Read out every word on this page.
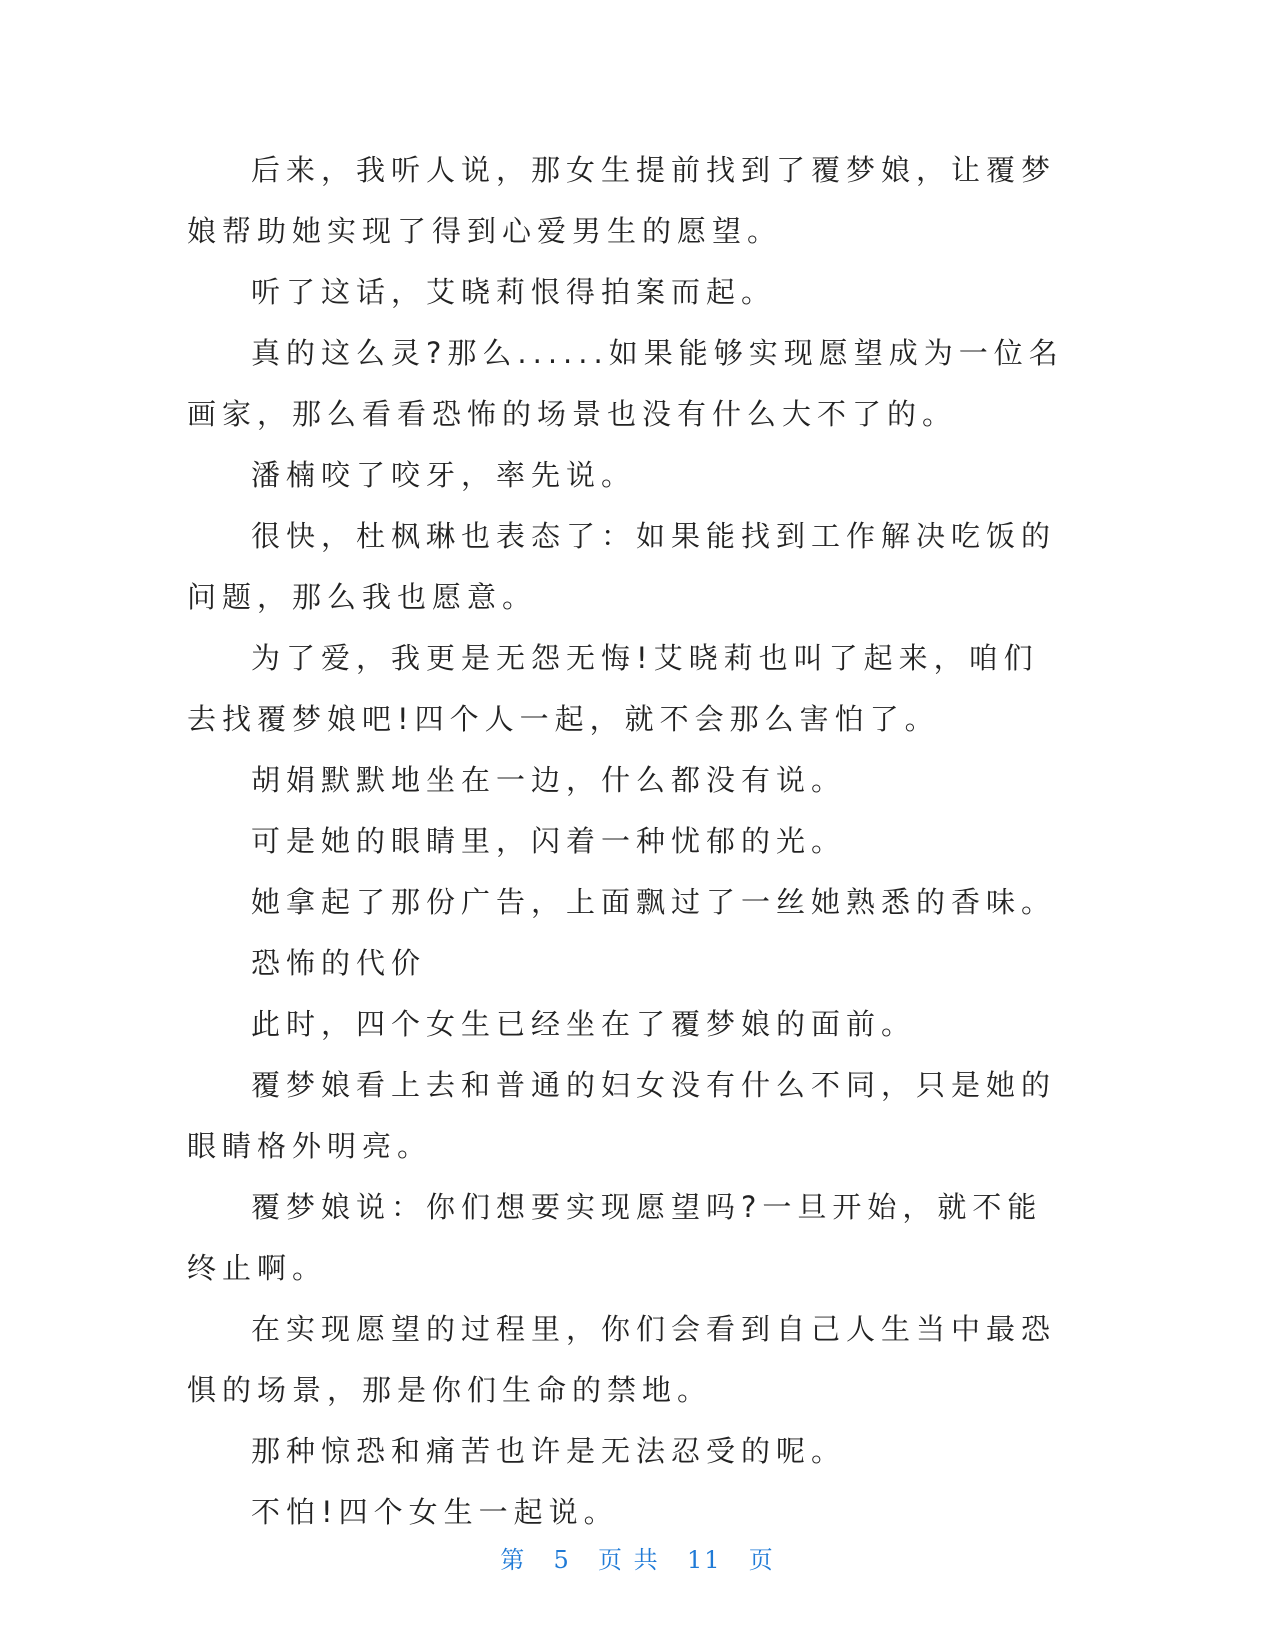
后来，我听人说，那女生提前找到了覆梦娘，让覆梦娘帮助她实现了得到心爱男生的愿望。

听了这话，艾晓莉恨得拍案而起。

真的这么灵?那么......如果能够实现愿望成为一位名画家，那么看看恐怖的场景也没有什么大不了的。

潘楠咬了咬牙，率先说。

很快，杜枫琳也表态了：如果能找到工作解决吃饭的问题，那么我也愿意。

为了爱，我更是无怨无悔!艾晓莉也叫了起来，咱们去找覆梦娘吧!四个人一起，就不会那么害怕了。

胡娟默默地坐在一边，什么都没有说。

可是她的眼睛里，闪着一种忧郁的光。

她拿起了那份广告，上面飘过了一丝她熟悉的香味。

恐怖的代价

此时，四个女生已经坐在了覆梦娘的面前。

覆梦娘看上去和普通的妇女没有什么不同，只是她的眼睛格外明亮。

覆梦娘说：你们想要实现愿望吗?一旦开始，就不能终止啊。

在实现愿望的过程里，你们会看到自己人生当中最恐惧的场景，那是你们生命的禁地。

那种惊恐和痛苦也许是无法忍受的呢。

不怕!四个女生一起说。

第 5 页 共 11 页
